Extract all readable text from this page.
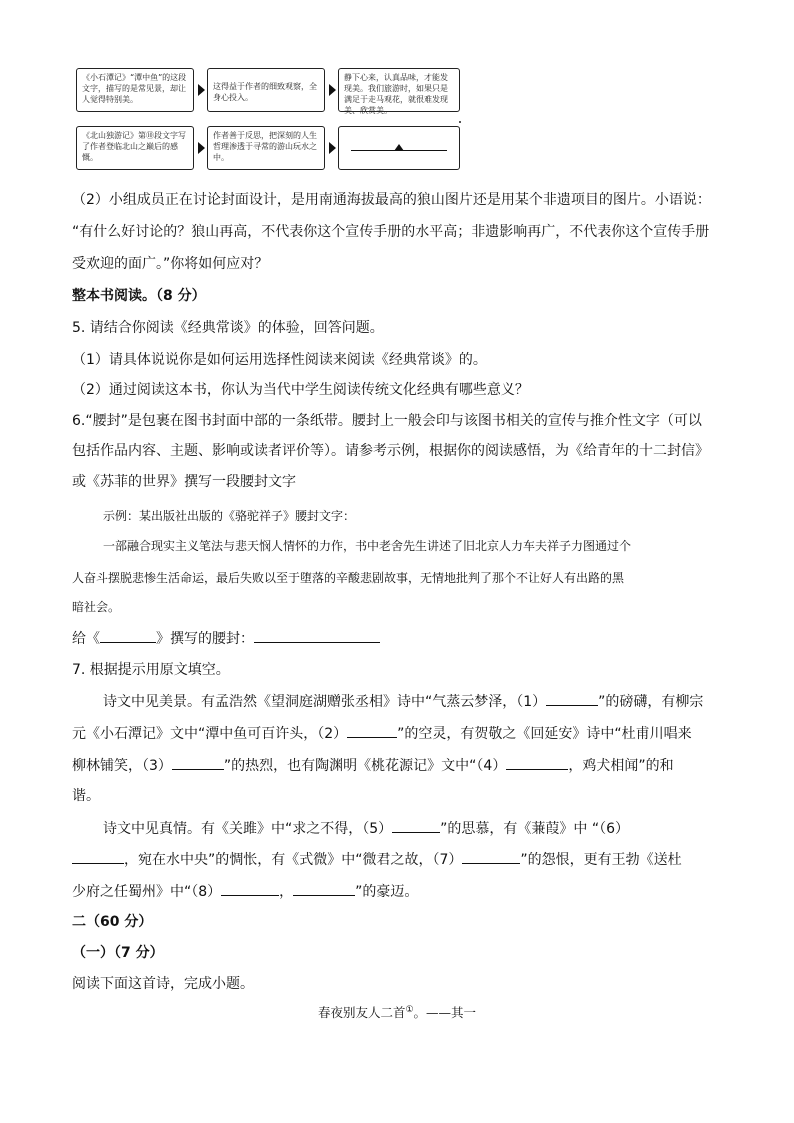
《小石潭记》“潭中鱼”的这段文字，描写的是常见景，却让人觉得特别美。
这得益于作者的细致观察，全身心投入。
静下心来，认真品味，才能发现美。我们旅游时，如果只是满足于走马观花，就很难发现美、欣赏美。
《北山独游记》第⑩段文字写了作者登临北山之巅后的感慨。
作者善于反思，把深刻的人生哲理渗透于寻常的游山玩水之中。
（2）小组成员正在讨论封面设计，是用南通海拔最高的狼山图片还是用某个非遗项目的图片。小语说：
“有什么好讨论的？狼山再高，不代表你这个宣传手册的水平高；非遗影响再广，不代表你这个宣传手册
受欢迎的面广。”你将如何应对？
整本书阅读。（8 分）
5. 请结合你阅读《经典常谈》的体验，回答问题。
（1）请具体说说你是如何运用选择性阅读来阅读《经典常谈》的。
（2）通过阅读这本书，你认为当代中学生阅读传统文化经典有哪些意义？
6.“腰封”是包裹在图书封面中部的一条纸带。腰封上一般会印与该图书相关的宣传与推介性文字（可以
包括作品内容、主题、影响或读者评价等）。请参考示例，根据你的阅读感悟，为《给青年的十二封信》
或《苏菲的世界》撰写一段腰封文字
示例：某出版社出版的《骆驼祥子》腰封文字：
一部融合现实主义笔法与悲天悯人情怀的力作，书中老舍先生讲述了旧北京人力车夫祥子力图通过个
人奋斗摆脱悲惨生活命运，最后失败以至于堕落的辛酸悲剧故事，无情地批判了那个不让好人有出路的黑
暗社会。
给《	》撰写的腰封：
7. 根据提示用原文填空。
诗文中见美景。有孟浩然《望洞庭湖赠张丞相》诗中“气蒸云梦泽，（1）	”的磅礴，有柳宗
元《小石潭记》文中“潭中鱼可百许头，（2）	”的空灵，有贺敬之《回延安》诗中“杜甫川唱来
柳林铺笑，（3）	”的热烈，也有陶渊明《桃花源记》文中“（4）	，鸡犬相闻”的和
谐。
诗文中见真情。有《关雎》中“求之不得，（5）	”的思慕，有《蒹葭》中 “（6）
，宛在水中央”的惆怅，有《式微》中“微君之故，（7）	”的怨恨，更有王勃《送杜
少府之任蜀州》中“（8）	，	”的豪迈。
二（60 分）
（一）（7 分）
阅读下面这首诗，完成小题。
春夜别友人二首①。——其一
